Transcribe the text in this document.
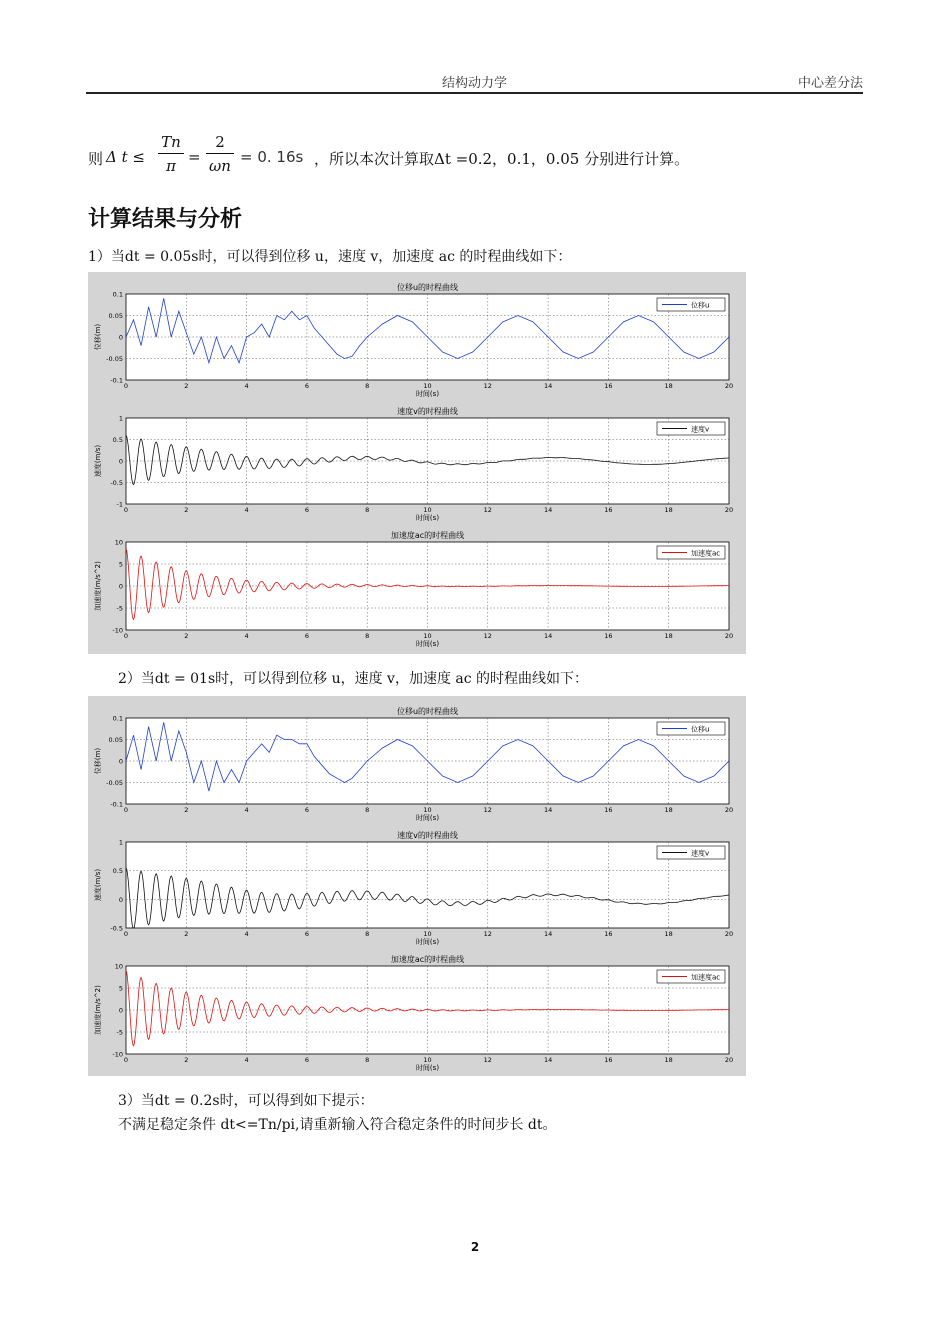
结构动力学	中心差分法
则 Δ t ≤
Tn
π =
2
ωn = 0. 16s ，所以本次计算取Δt =0.2，0.1，0.05 分别进行计算。
计算结果与分析
1）当dt = 0.05s时，可以得到位移 u，速度 v，加速度 ac 的时程曲线如下：
位移u的时程曲线
0	2	4	6	8	10	12	14	16	18	20
-0.1
-0.05
0
0.05
0.1
时间(s)
位移(m)
位移u
速度v的时程曲线
0	2	4	6	8	10	12	14	16	18	20
-1
-0.5
0
0.5
1
时间(s)
速度(m/s)
速度v
加速度ac的时程曲线
0	2	4	6	8	10	12	14	16	18	20
-10
-5
0
5
10
时间(s)
加速度(m/s^2)
加速度ac
2）当dt = 01s时，可以得到位移 u，速度 v，加速度 ac 的时程曲线如下：
位移u的时程曲线
0	2	4	6	8	10	12	14	16	18	20
-0.1
-0.05
0
0.05
0.1
时间(s)
位移(m)
位移u
速度v的时程曲线
0	2	4	6	8	10	12	14	16	18	20
-0.5
0
0.5
1
时间(s)
速度(m/s)
速度v
加速度ac的时程曲线
0	2	4	6	8	10	12	14	16	18	20
-10
-5
0
5
10
时间(s)
加速度(m/s^2)
加速度ac
3）当dt = 0.2s时，可以得到如下提示：
不满足稳定条件 dt<=Tn/pi,请重新输入符合稳定条件的时间步长 dt。
2
